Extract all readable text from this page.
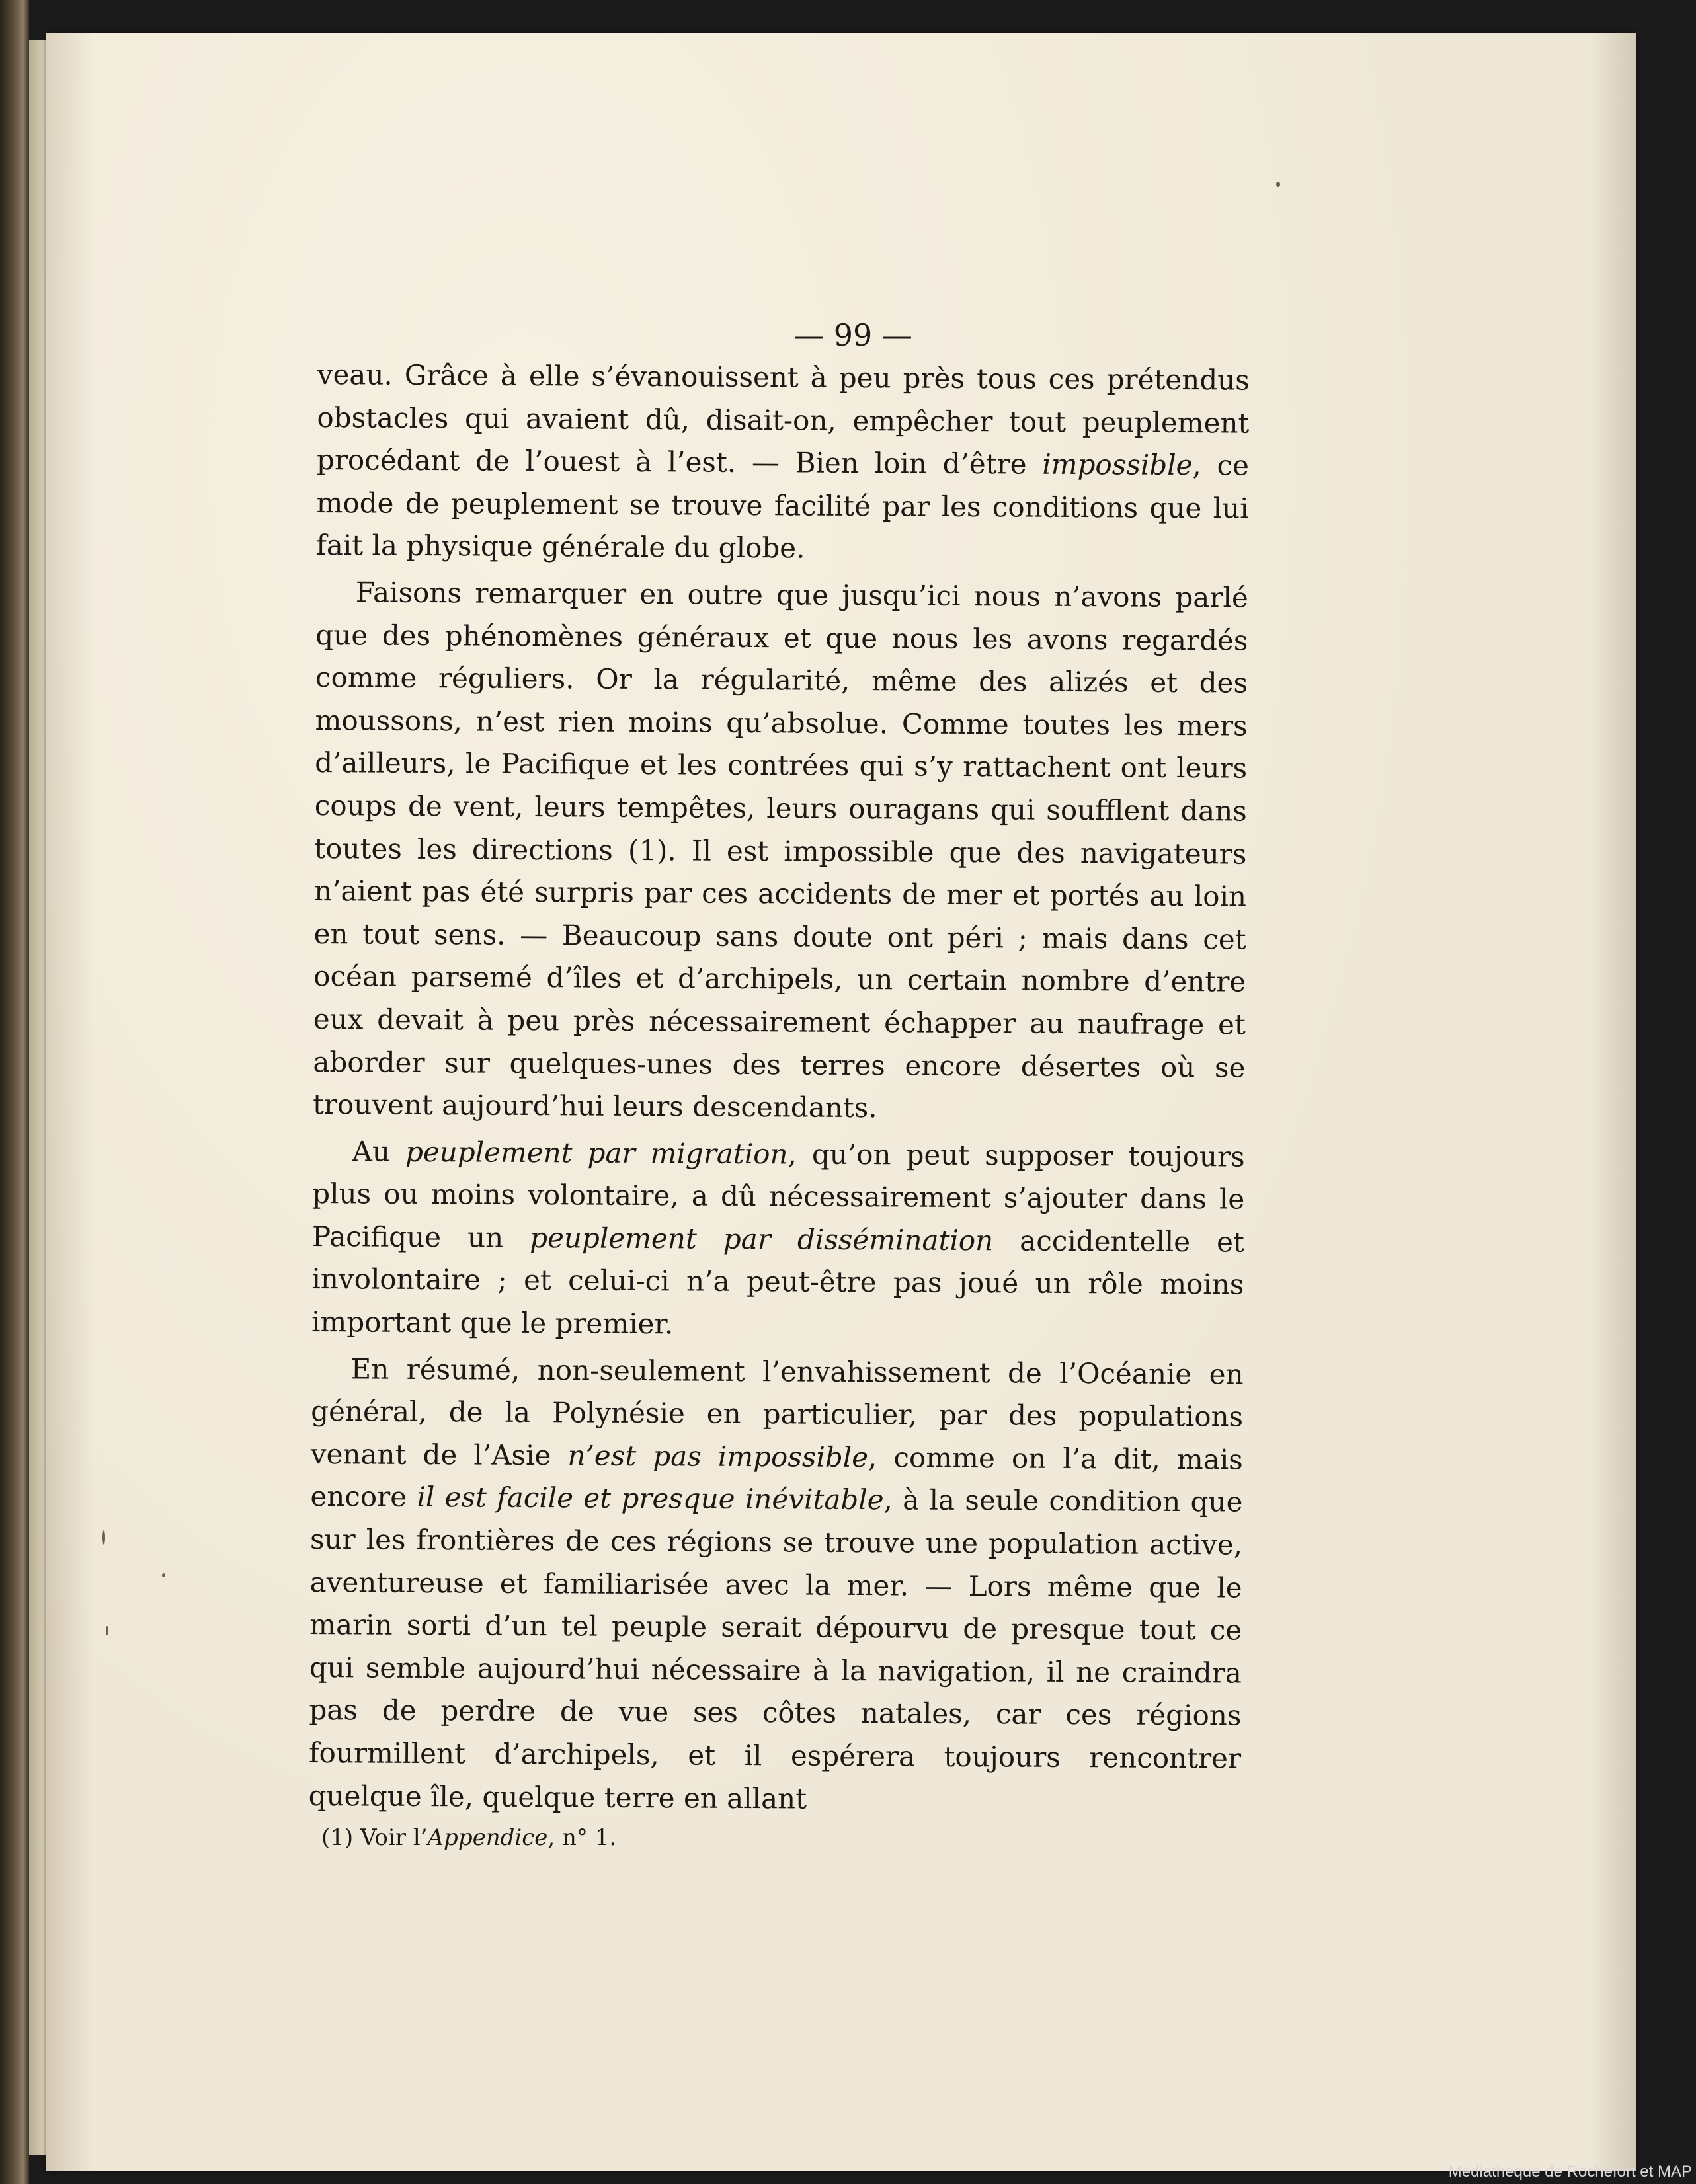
— 99 —

veau. Grâce à elle s’évanouissent à peu près tous ces prétendus obstacles qui avaient dû, disait-on, empêcher tout peuplement procédant de l’ouest à l’est. — Bien loin d’être impossible, ce mode de peuplement se trouve facilité par les conditions que lui fait la physique générale du globe.

Faisons remarquer en outre que jusqu’ici nous n’avons parlé que des phénomènes généraux et que nous les avons regardés comme réguliers. Or la régularité, même des alizés et des moussons, n’est rien moins qu’absolue. Comme toutes les mers d’ailleurs, le Pacifique et les contrées qui s’y rattachent ont leurs coups de vent, leurs tempêtes, leurs ouragans qui soufflent dans toutes les directions (1). Il est impossible que des navigateurs n’aient pas été surpris par ces accidents de mer et portés au loin en tout sens. — Beaucoup sans doute ont péri ; mais dans cet océan parsemé d’îles et d’archipels, un certain nombre d’entre eux devait à peu près nécessairement échapper au naufrage et aborder sur quelques-unes des terres encore désertes où se trouvent aujourd’hui leurs descendants.

Au peuplement par migration, qu’on peut supposer toujours plus ou moins volontaire, a dû nécessairement s’ajouter dans le Pacifique un peuplement par dissémination accidentelle et involontaire ; et celui-ci n’a peut-être pas joué un rôle moins important que le premier.

En résumé, non-seulement l’envahissement de l’Océanie en général, de la Polynésie en particulier, par des populations venant de l’Asie n’est pas impossible, comme on l’a dit, mais encore il est facile et presque inévitable, à la seule condition que sur les frontières de ces régions se trouve une population active, aventureuse et familiarisée avec la mer. — Lors même que le marin sorti d’un tel peuple serait dépourvu de presque tout ce qui semble aujourd’hui nécessaire à la navigation, il ne craindra pas de perdre de vue ses côtes natales, car ces régions fourmillent d’archipels, et il espérera toujours rencontrer quelque île, quelque terre en allant

(1) Voir l’Appendice, n° 1.
Médiathèque de Rochefort et MAP
